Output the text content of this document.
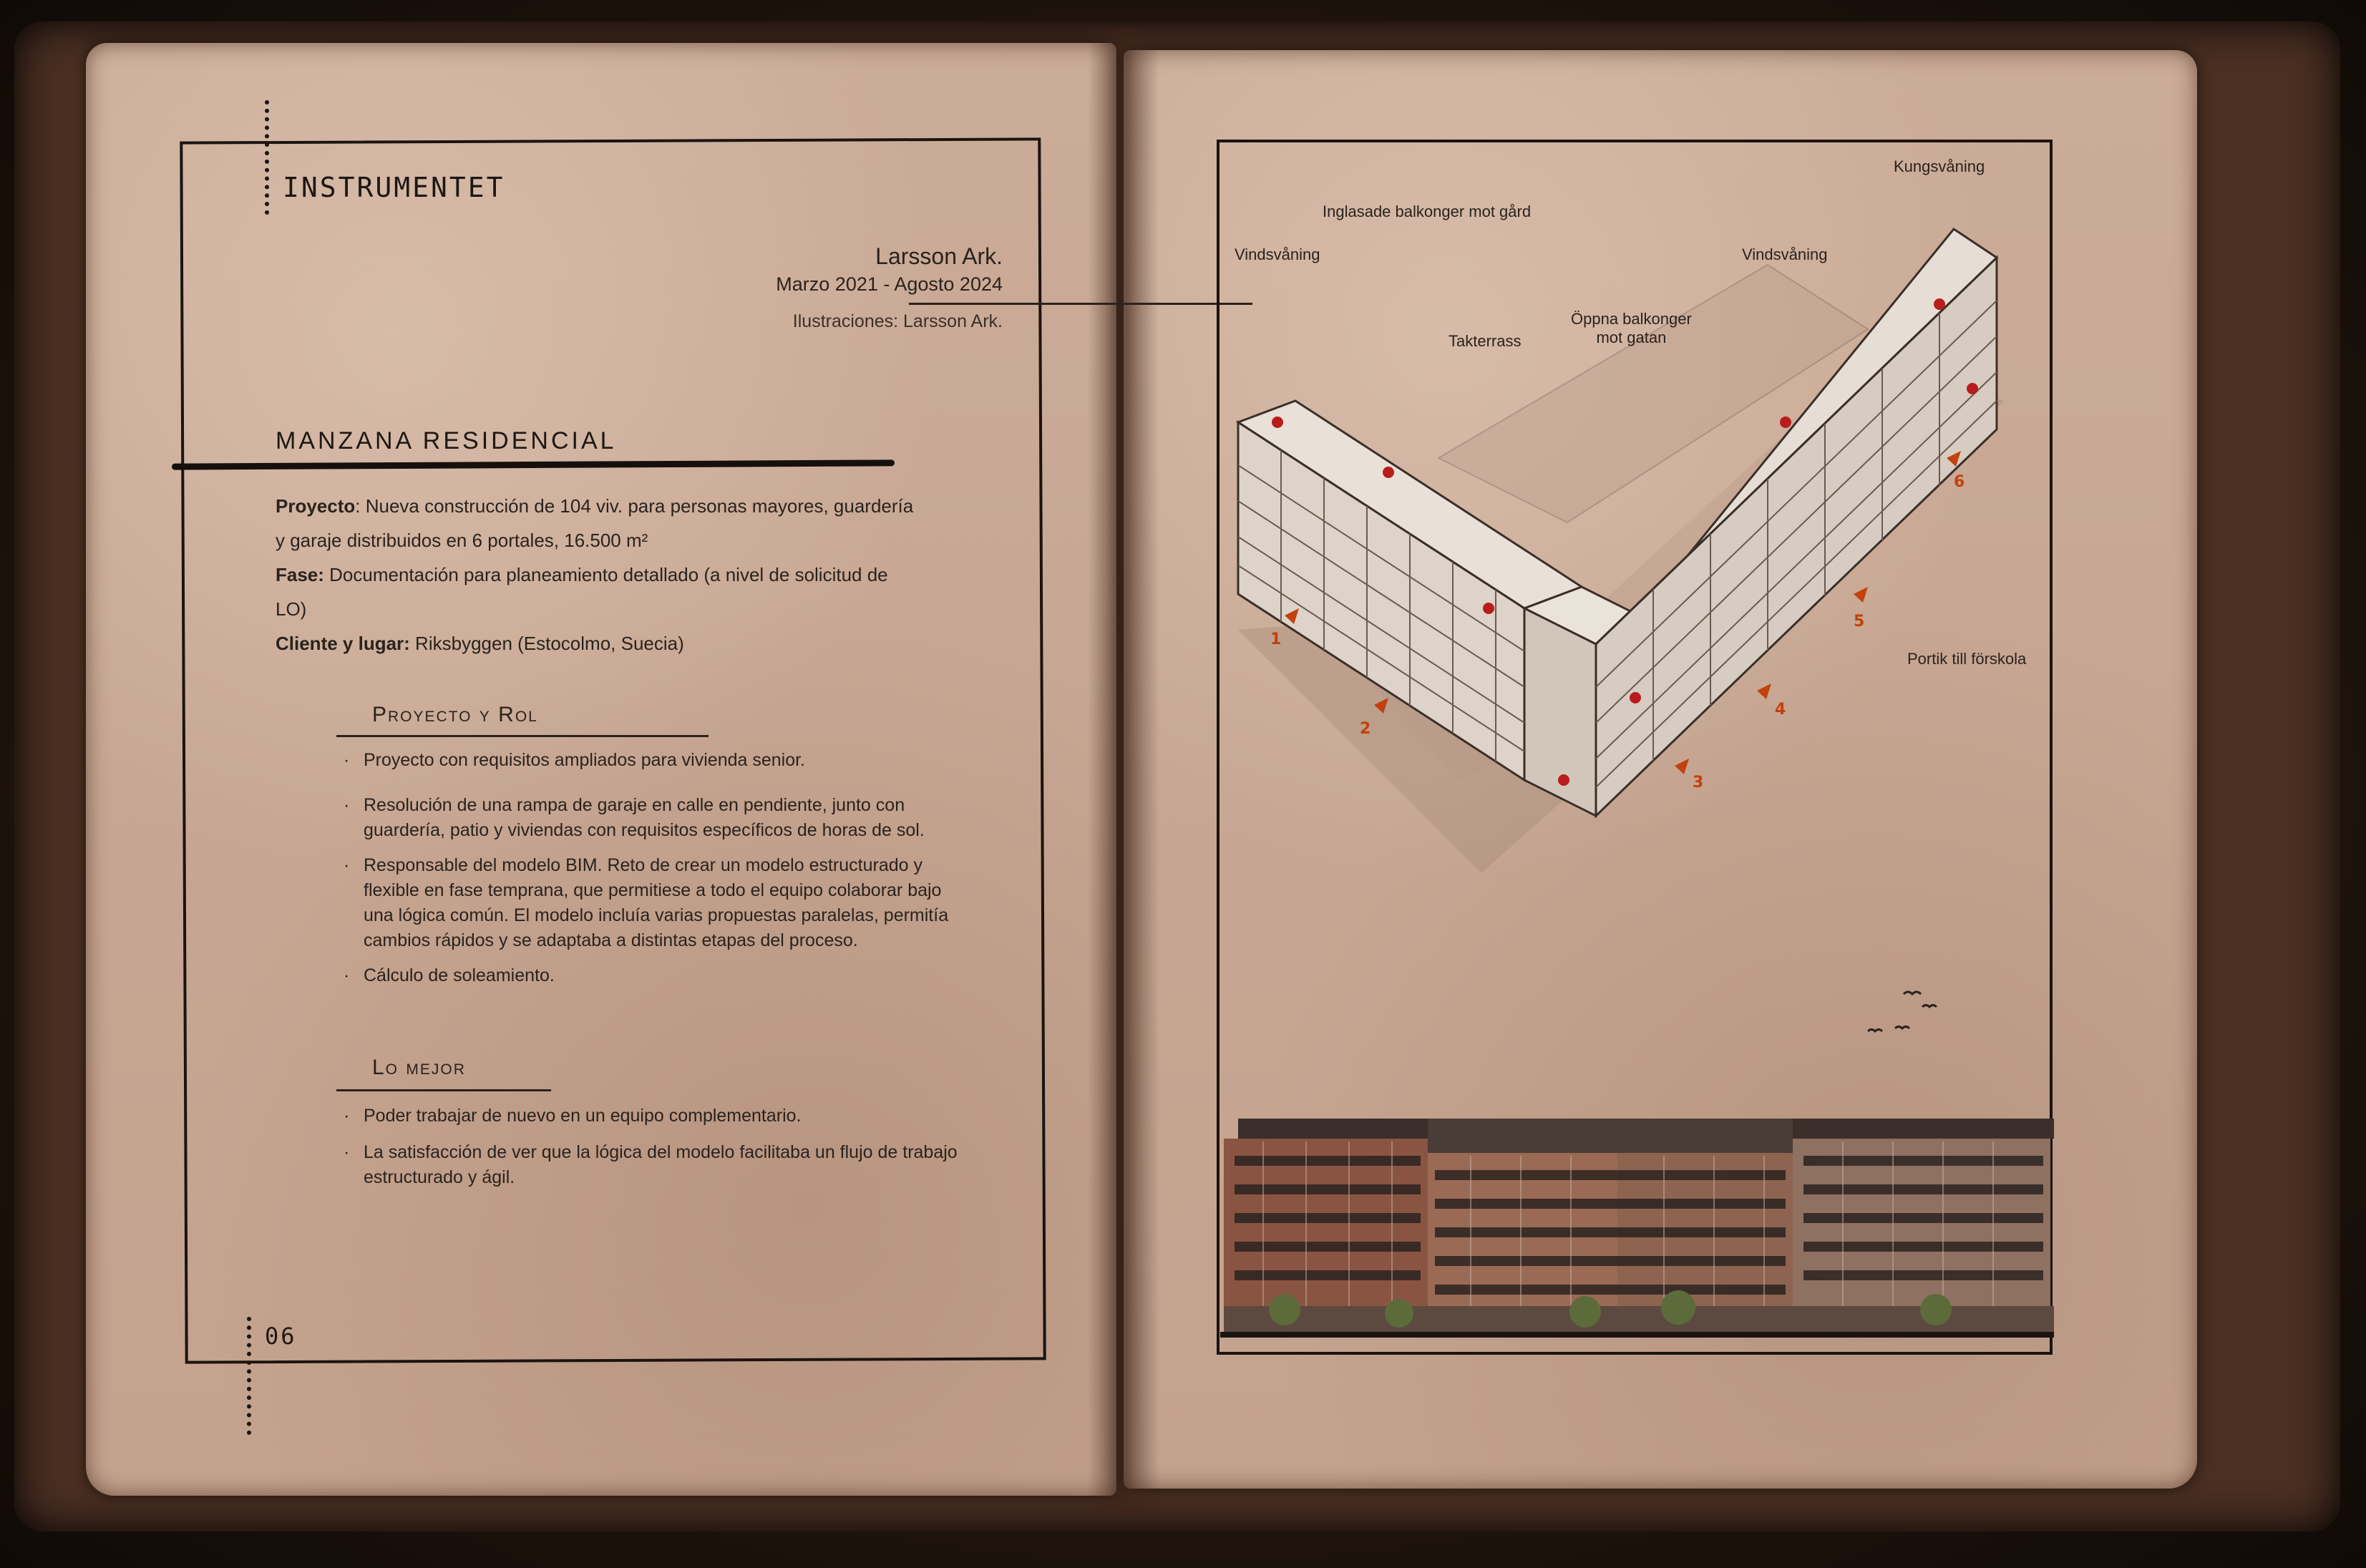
INSTRUMENTET
Larsson Ark.
Marzo 2021 - Agosto 2024
Ilustraciones: Larsson Ark.
MANZANA RESIDENCIAL

Proyecto: Nueva construcción de 104 viv. para personas mayores, guardería y garaje distribuidos en 6 portales, 16.500 m²

Fase: Documentación para planeamiento detallado (a nivel de solicitud de LO)

Cliente y lugar: Riksbyggen (Estocolmo, Suecia)

Proyecto y Rol
· Proyecto con requisitos ampliados para vivienda senior.
· Resolución de una rampa de garaje en calle en pendiente, junto con guardería, patio y viviendas con requisitos específicos de horas de sol.
· Responsable del modelo BIM. Reto de crear un modelo estructurado y flexible en fase temprana, que permitiese a todo el equipo colaborar bajo una lógica común. El modelo incluía varias propuestas paralelas, permitía cambios rápidos y se adaptaba a distintas etapas del proceso.
· Cálculo de soleamiento.
Lo mejor
· Poder trabajar de nuevo en un equipo complementario.
· La satisfacción de ver que la lógica del modelo facilitaba un flujo de trabajo estructurado y ágil.
06
1
2
3
4
5
6
Kungsvåning
Inglasade balkonger mot gård
Vindsvåning	Vindsvåning
Takterrass
Öppna balkonger
mot gatan
Portik till förskola
